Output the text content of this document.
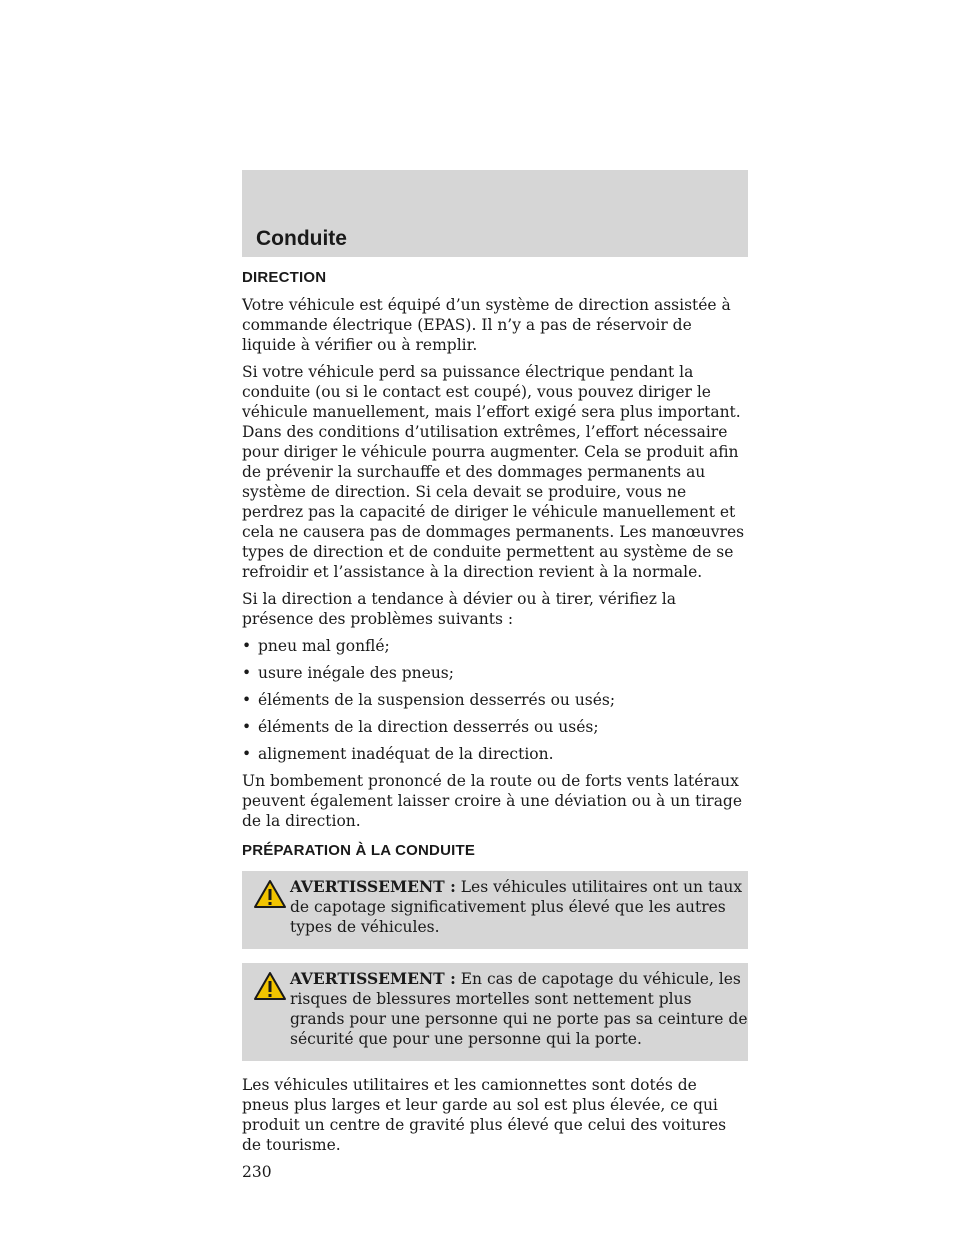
Conduite
DIRECTION

Votre véhicule est équipé d’un système de direction assistée à commande électrique (EPAS). Il n’y a pas de réservoir de liquide à vérifier ou à remplir.

Si votre véhicule perd sa puissance électrique pendant la conduite (ou si le contact est coupé), vous pouvez diriger le véhicule manuellement, mais l’effort exigé sera plus important. Dans des conditions d’utilisation extrêmes, l’effort nécessaire pour diriger le véhicule pourra augmenter. Cela se produit afin de prévenir la surchauffe et des dommages permanents au système de direction. Si cela devait se produire, vous ne perdrez pas la capacité de diriger le véhicule manuellement et cela ne causera pas de dommages permanents. Les manœuvres types de direction et de conduite permettent au système de se refroidir et l’assistance à la direction revient à la normale.

Si la direction a tendance à dévier ou à tirer, vérifiez la présence des problèmes suivants :

• pneu mal gonflé;
• usure inégale des pneus;
• éléments de la suspension desserrés ou usés;
• éléments de la direction desserrés ou usés;
• alignement inadéquat de la direction.

Un bombement prononcé de la route ou de forts vents latéraux peuvent également laisser croire à une déviation ou à un tirage de la direction.

PRÉPARATION À LA CONDUITE
AVERTISSEMENT : Les véhicules utilitaires ont un taux de capotage significativement plus élevé que les autres types de véhicules.
AVERTISSEMENT : En cas de capotage du véhicule, les risques de blessures mortelles sont nettement plus grands pour une personne qui ne porte pas sa ceinture de sécurité que pour une personne qui la porte.

Les véhicules utilitaires et les camionnettes sont dotés de pneus plus larges et leur garde au sol est plus élevée, ce qui produit un centre de gravité plus élevé que celui des voitures de tourisme.

230
